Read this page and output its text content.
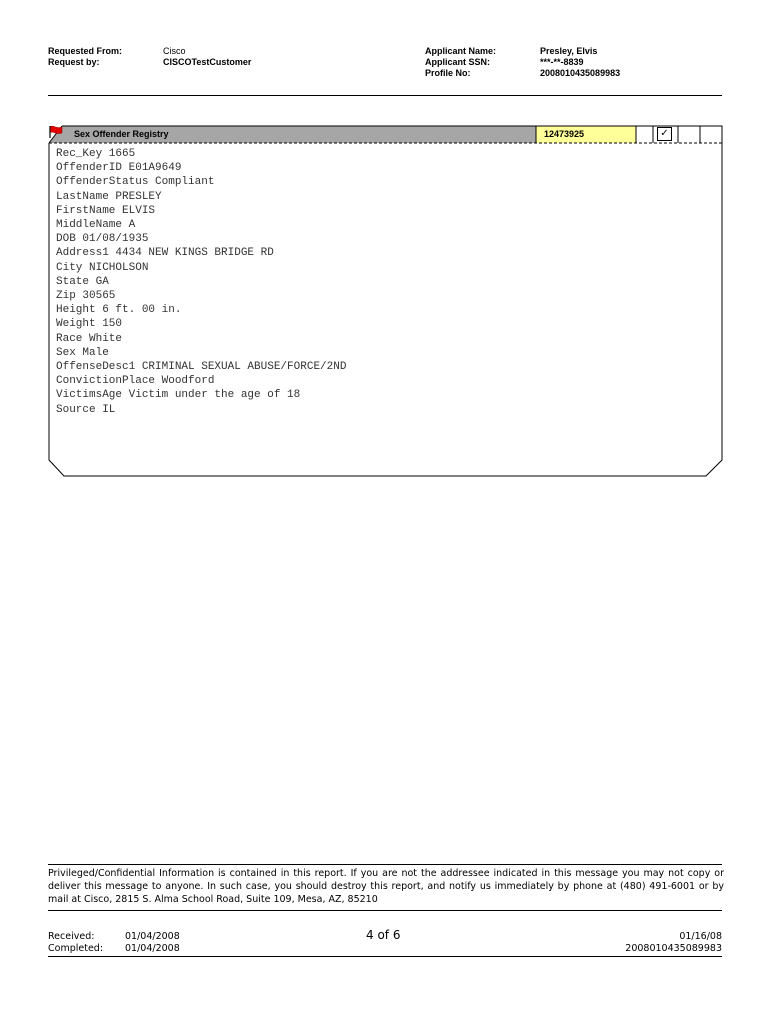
Requested From:	Cisco
Request by:	CISCOTestCustomer
Applicant Name:	Presley, Elvis
Applicant SSN:	***-**-8839
Profile No:	2008010435089983
Sex Offender Registry	12473925	✓
Rec_Key 1665
OffenderID E01A9649
OffenderStatus Compliant
LastName PRESLEY
FirstName ELVIS
MiddleName A
DOB 01/08/1935
Address1 4434 NEW KINGS BRIDGE RD
City NICHOLSON
State GA
Zip 30565
Height 6 ft. 00 in.
Weight 150
Race White
Sex Male
OffenseDesc1 CRIMINAL SEXUAL ABUSE/FORCE/2ND
ConvictionPlace Woodford
VictimsAge Victim under the age of 18
Source IL
Privileged/Confidential Information is contained in this report. If you are not the addressee indicated in this message you may not copy or deliver this message to anyone. In such case, you should destroy this report, and notify us immediately by phone at (480) 491-6001 or by mail at Cisco, 2815 S. Alma School Road, Suite 109, Mesa, AZ, 85210
Received:	01/04/2008
Completed: 01/04/2008
4 of 6	01/16/08
2008010435089983
